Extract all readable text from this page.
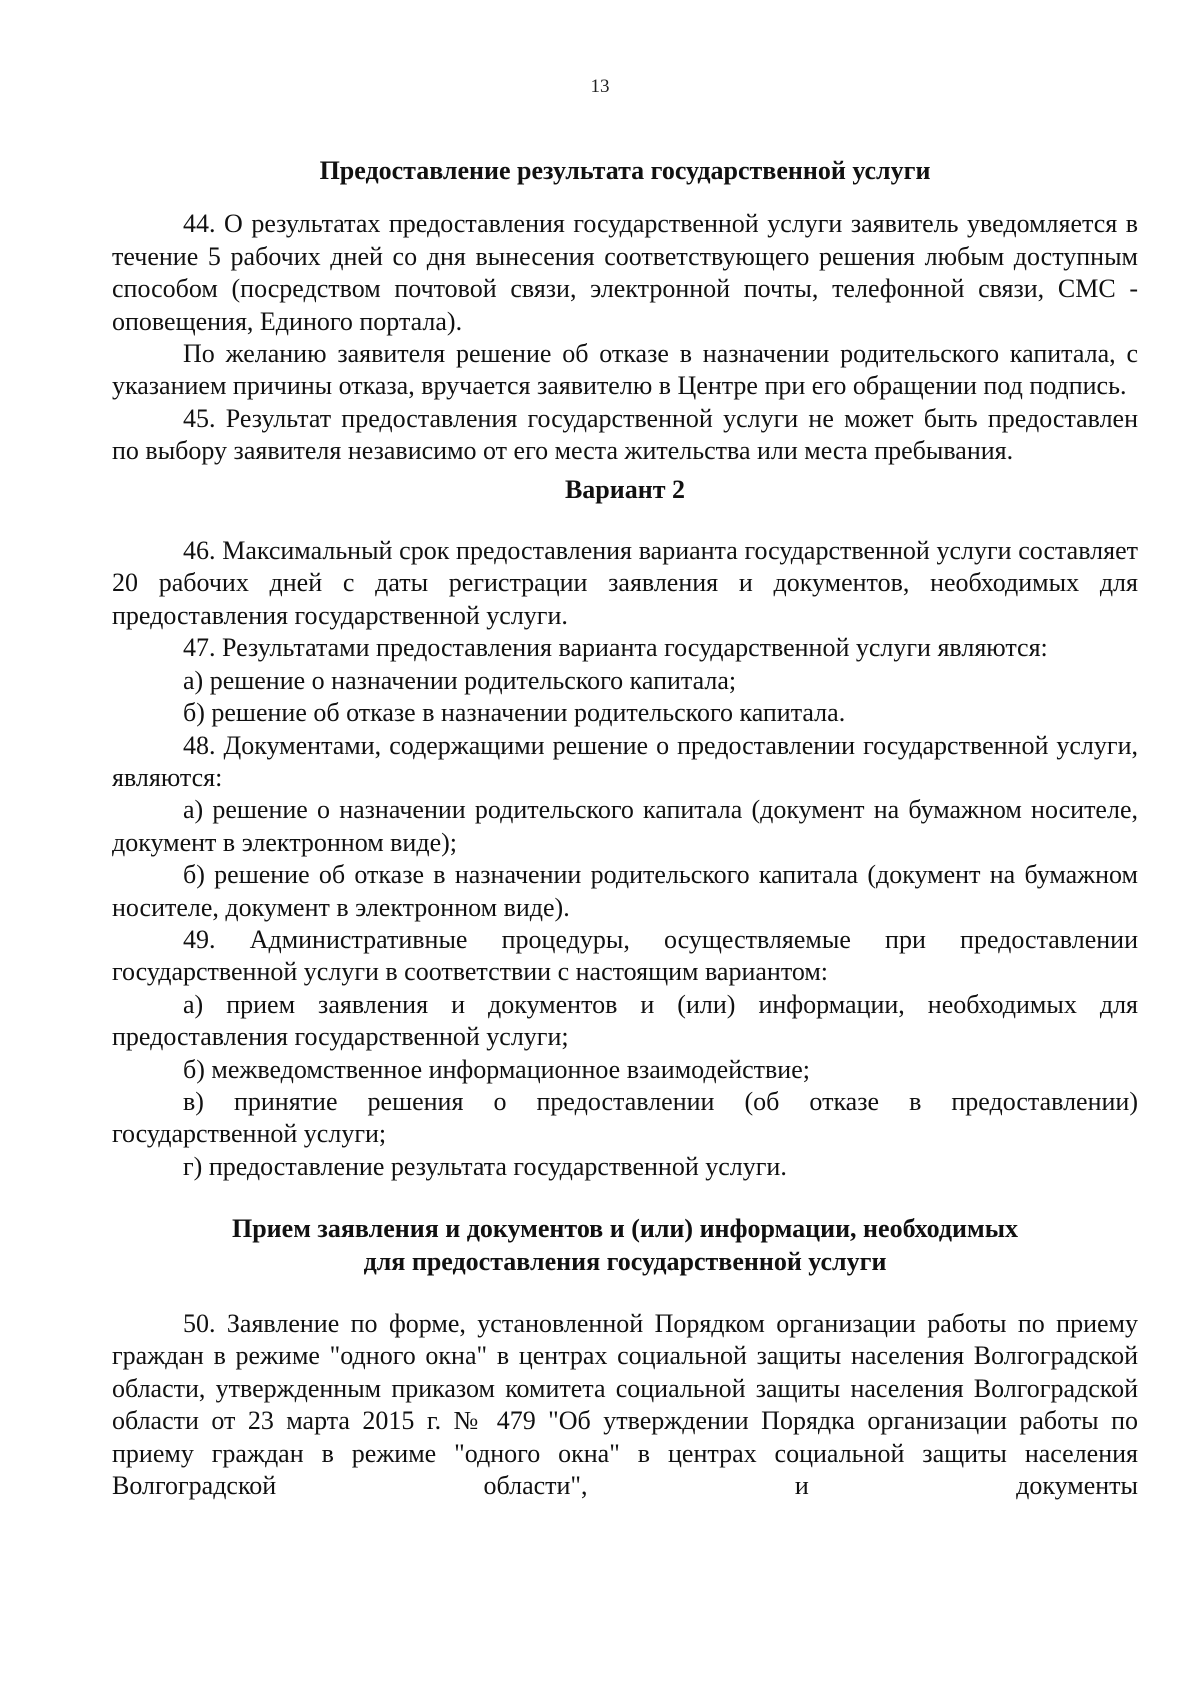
13

Предоставление результата государственной услуги

44. О результатах предоставления государственной услуги заявитель уведомляется в течение 5 рабочих дней со дня вынесения соответствующего решения любым доступным способом (посредством почтовой связи, электронной почты, телефонной связи, СМС - оповещения, Единого портала).

По желанию заявителя решение об отказе в назначении родительского капитала, с указанием причины отказа, вручается заявителю в Центре при его обращении под подпись.

45. Результат предоставления государственной услуги не может быть предоставлен по выбору заявителя независимо от его места жительства или места пребывания.

Вариант 2

46. Максимальный срок предоставления варианта государственной услуги составляет 20 рабочих дней с даты регистрации заявления и документов, необходимых для предоставления государственной услуги.

47. Результатами предоставления варианта государственной услуги являются:

а) решение о назначении родительского капитала;

б) решение об отказе в назначении родительского капитала.

48. Документами, содержащими решение о предоставлении государственной услуги, являются:

а) решение о назначении родительского капитала (документ на бумажном носителе, документ в электронном виде);

б) решение об отказе в назначении родительского капитала (документ на бумажном носителе, документ в электронном виде).

49. Административные процедуры, осуществляемые при предоставлении государственной услуги в соответствии с настоящим вариантом:

а) прием заявления и документов и (или) информации, необходимых для предоставления государственной услуги;

б) межведомственное информационное взаимодействие;

в) принятие решения о предоставлении (об отказе в предоставлении) государственной услуги;

г) предоставление результата государственной услуги.

Прием заявления и документов и (или) информации, необходимых

для предоставления государственной услуги

50. Заявление по форме, установленной Порядком организации работы по приему граждан в режиме "одного окна" в центрах социальной защиты населения Волгоградской области, утвержденным приказом комитета социальной защиты населения Волгоградской области от 23 марта 2015 г. № 479 "Об утверждении Порядка организации работы по приему граждан в режиме "одного окна" в центрах социальной защиты населения Волгоградской области", и документы
